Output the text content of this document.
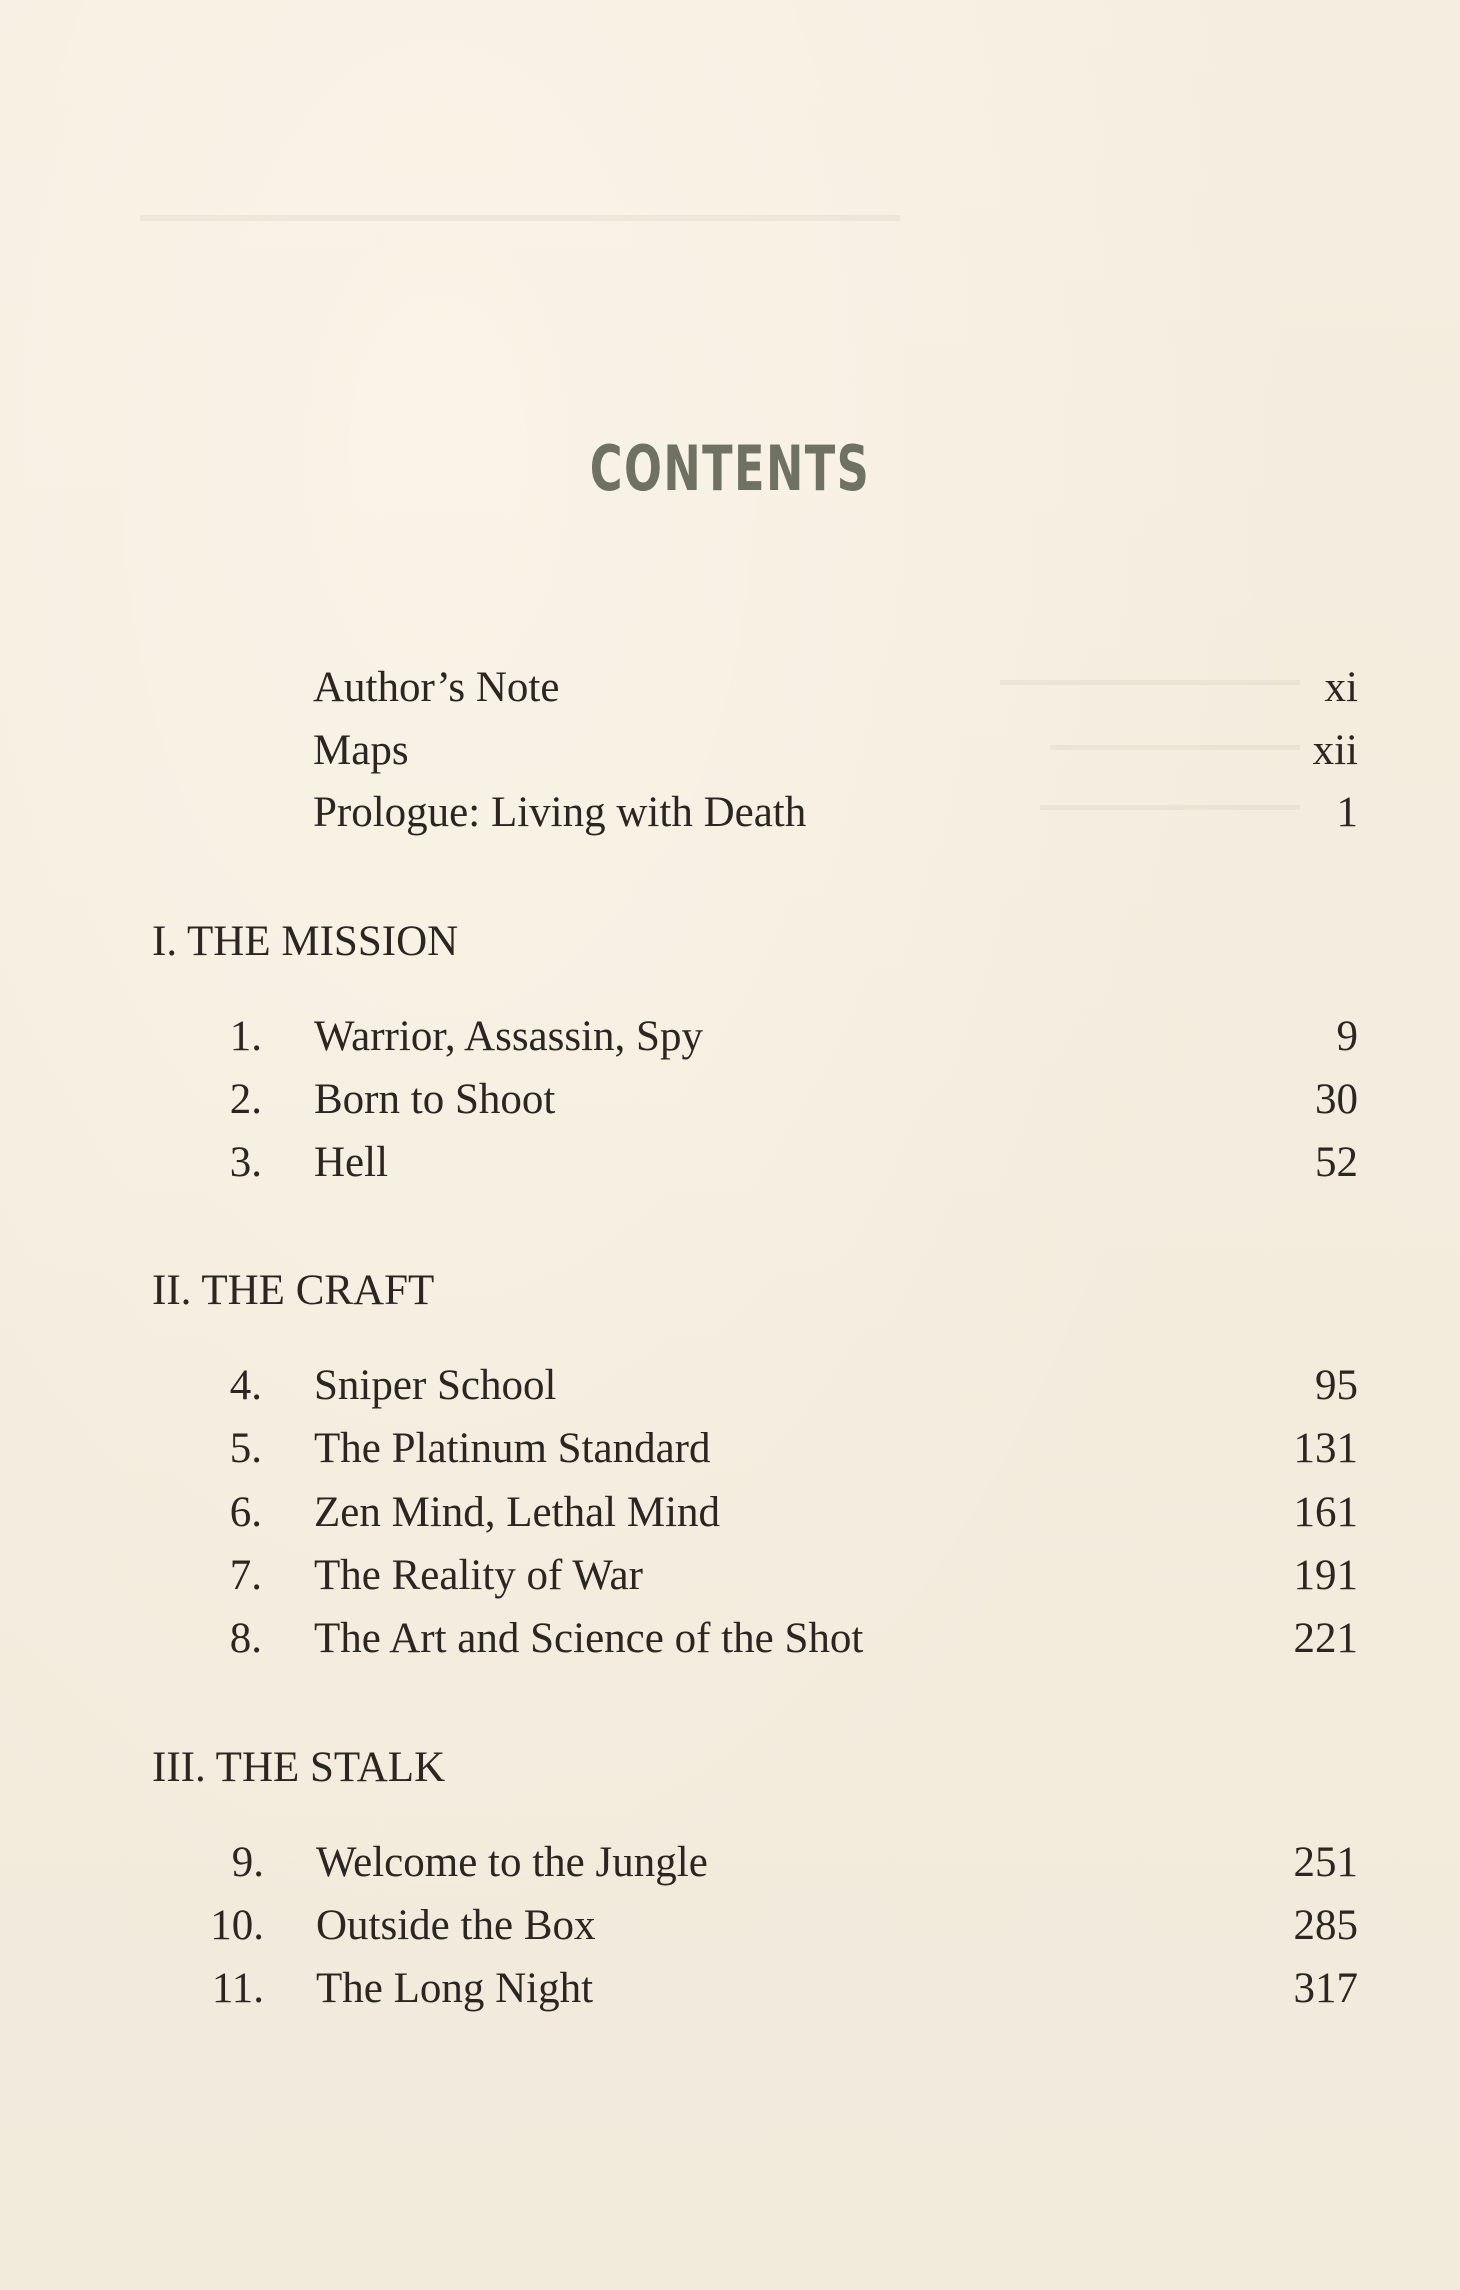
CONTENTS
Author’s Note	xi
Maps	xii
Prologue: Living with Death	1
I. THE MISSION
1. Warrior, Assassin, Spy	9
2. Born to Shoot	30
3. Hell	52
II. THE CRAFT
4. Sniper School	95
5. The Platinum Standard	131
6. Zen Mind, Lethal Mind	161
7. The Reality of War	191
8. The Art and Science of the Shot	221
III. THE STALK
9. Welcome to the Jungle	251
10. Outside the Box	285
11. The Long Night	317
